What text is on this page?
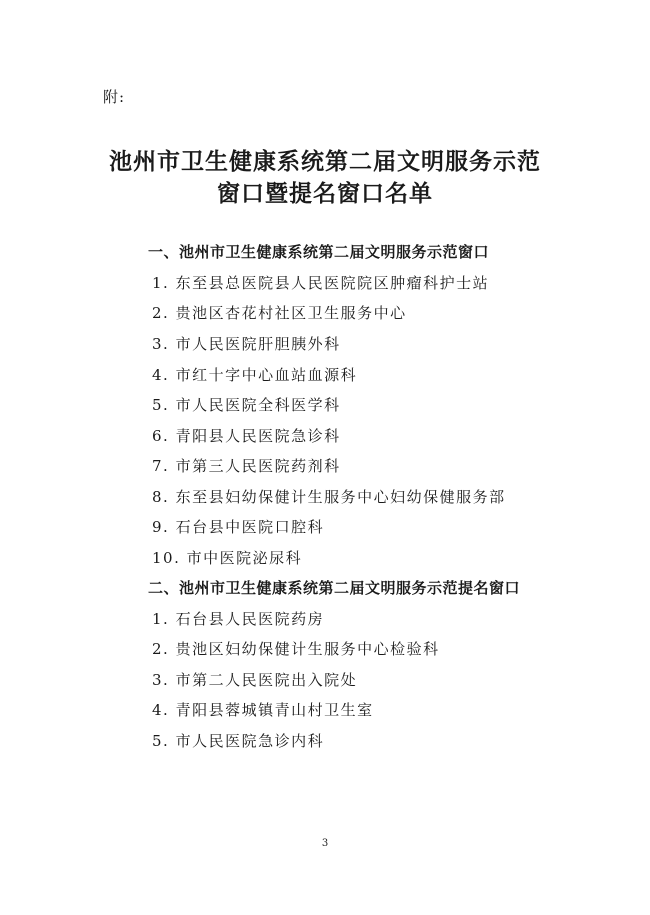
附:
池州市卫生健康系统第二届文明服务示范
窗口暨提名窗口名单
一、池州市卫生健康系统第二届文明服务示范窗口
1. 东至县总医院县人民医院院区肿瘤科护士站
2. 贵池区杏花村社区卫生服务中心
3. 市人民医院肝胆胰外科
4. 市红十字中心血站血源科
5. 市人民医院全科医学科
6. 青阳县人民医院急诊科
7. 市第三人民医院药剂科
8. 东至县妇幼保健计生服务中心妇幼保健服务部
9. 石台县中医院口腔科
10. 市中医院泌尿科
二、池州市卫生健康系统第二届文明服务示范提名窗口
1. 石台县人民医院药房
2. 贵池区妇幼保健计生服务中心检验科
3. 市第二人民医院出入院处
4. 青阳县蓉城镇青山村卫生室
5. 市人民医院急诊内科
3
